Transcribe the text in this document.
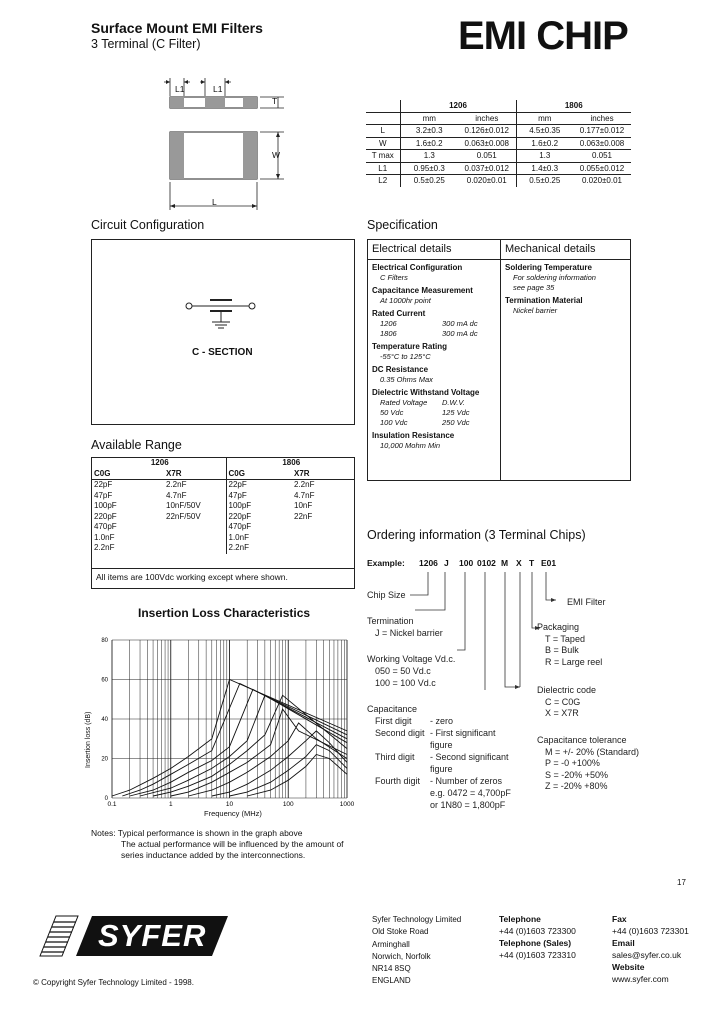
Surface Mount EMI Filters
3 Terminal (C Filter)	EMI CHIP
L1	L1
T
W
L
	1206		1806	
	mm	inches	mm	inches
L	3.2±0.3	0.126±0.012	4.5±0.35	0.177±0.012
W	1.6±0.2	0.063±0.008	1.6±0.2	0.063±0.008
T max	1.3	0.051	1.3	0.051
L1	0.95±0.3	0.037±0.012	1.4±0.3	0.055±0.012
L2	0.5±0.25	0.020±0.01	0.5±0.25	0.020±0.01
Circuit Configuration
C - SECTION
Available Range
1206		1806	
C0G	X7R	C0G	X7R
22pF	2.2nF	22pF	2.2nF
47pF	4.7nF	47pF	4.7nF
100pF	10nF/50V	100pF	10nF
220pF	22nF/50V	220pF	22nF
470pF		470pF	
1.0nF		1.0nF	
2.2nF		2.2nF	
All items are 100Vdc working except where shown.
Specification
Electrical details	Mechanical details
Electrical Configuration
C Filters
Capacitance Measurement
At 1000hr point
Rated Current
1206	300 mA dc
1806	300 mA dc
Temperature Rating
-55°C to 125°C
DC Resistance
0.35 Ohms Max
Dielectric Withstand Voltage
Rated Voltage D.W.V.
50 Vdc	125 Vdc
100 Vdc	250 Vdc
Insulation Resistance
10,000 Mohm Min
Soldering Temperature
For soldering information
see page 35
Termination Material
Nickel barrier
Ordering information (3 Terminal Chips)
Example: 1206 J 100 0102 M X T E01
Chip Size
Termination
J = Nickel barrier
Working Voltage Vd.c.
050 = 50 Vd.c
100 = 100 Vd.c
Capacitance
First digit - zero
Second digit - First significant
figure
Third digit - Second significant
figure
Fourth digit - Number of zeros
e.g. 0472 = 4,700pF
or 1N80 = 1,800pF
EMI Filter
Packaging
T = Taped
B = Bulk
R = Large reel
Dielectric code
C = C0G
X = X7R
Capacitance tolerance
M = +/- 20% (Standard)
P = -0 +100%
S = -20% +50%
Z = -20% +80%
Insertion Loss Characteristics
Insertion loss (dB)
0
20
40
60
80
0.1	1	10	100	1000
Frequency (MHz)
Notes: Typical performance is shown in the graph above
The actual performance will be influenced by the amount of
series inductance added by the interconnections.
17
SYFER
© Copyright Syfer Technology Limited - 1998.
Syfer Technology Limited
Old Stoke Road
Arminghall
Norwich, Norfolk
NR14 8SQ
ENGLAND
Telephone
+44 (0)1603 723300
Telephone (Sales)
+44 (0)1603 723310
Fax
+44 (0)1603 723301
Email
sales@syfer.co.uk
Website
www.syfer.com
